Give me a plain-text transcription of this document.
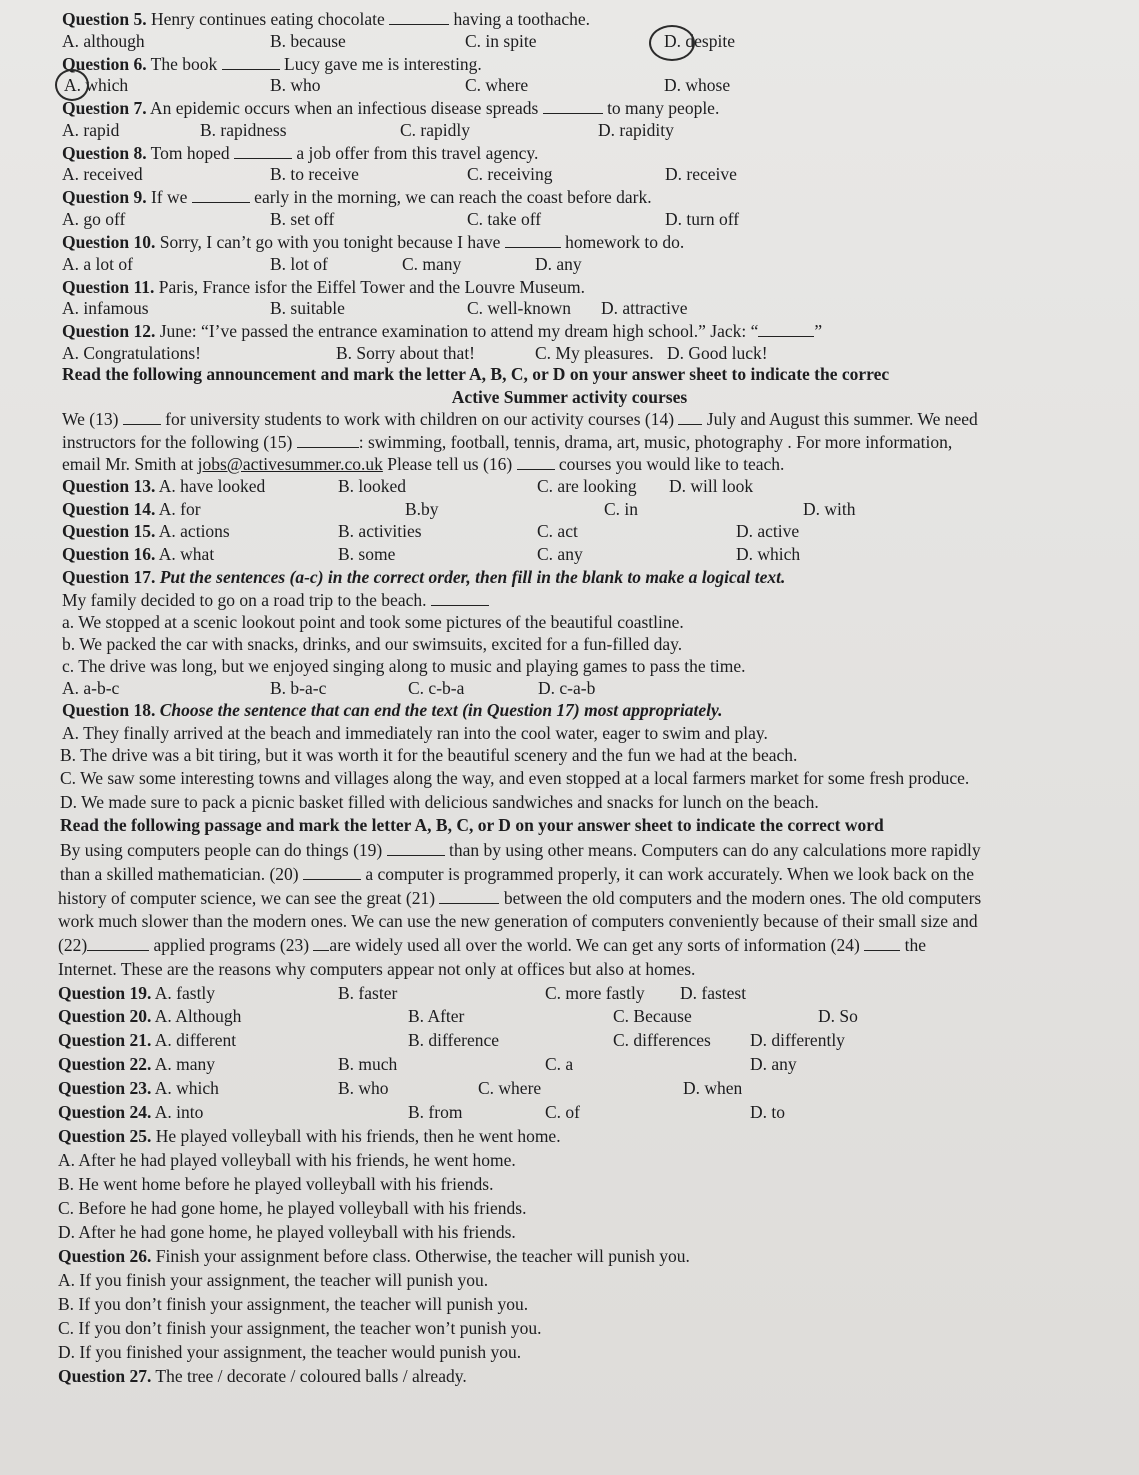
Question 5. Henry continues eating chocolate	having a toothache.
A. although	B. because	C. in spite	D. despite
Question 6. The book	Lucy gave me is interesting.
A. which	B. who	C. where	D. whose
Question 7. An epidemic occurs when an infectious disease spreads	to many people.
A. rapid	B. rapidness	C. rapidly	D. rapidity
Question 8. Tom hoped	a job offer from this travel agency.
A. received	B. to receive	C. receiving	D. receive
Question 9. If we	early in the morning, we can reach the coast before dark.
A. go off	B. set off	C. take off	D. turn off
Question 10. Sorry, I can’t go with you tonight because I have	homework to do.
A. a lot of	B. lot of	C. many	D. any
Question 11. Paris, France isfor the Eiffel Tower and the Louvre Museum.
A. infamous	B. suitable	C. well-known D. attractive
Question 12. June: “I’ve passed the entrance examination to attend my dream high school.” Jack: “	”
A. Congratulations!	B. Sorry about that!	C. My pleasures. D. Good luck!
Read the following announcement and mark the letter A, B, C, or D on your answer sheet to indicate the correc
Active Summer activity courses
We (13)	for university students to work with children on our activity courses (14) July and August this summer. We need
instructors for the following (15)	: swimming, football, tennis, drama, art, music, photography . For more information,
email Mr. Smith at jobs@activesummer.co.uk Please tell us (16)	courses you would like to teach.
Question 13. A. have looked	B. looked	C. are looking D. will look
Question 14. A. for	B.by	C. in	D. with
Question 15. A. actions	B. activities	C. act	D. active
Question 16. A. what	B. some	C. any	D. which
Question 17. Put the sentences (a-c) in the correct order, then fill in the blank to make a logical text.
My family decided to go on a road trip to the beach.
a. We stopped at a scenic lookout point and took some pictures of the beautiful coastline.
b. We packed the car with snacks, drinks, and our swimsuits, excited for a fun-filled day.
c. The drive was long, but we enjoyed singing along to music and playing games to pass the time.
A. a-b-c	B. b-a-c	C. c-b-a	D. c-a-b
Question 18. Choose the sentence that can end the text (in Question 17) most appropriately.
A. They finally arrived at the beach and immediately ran into the cool water, eager to swim and play.
B. The drive was a bit tiring, but it was worth it for the beautiful scenery and the fun we had at the beach.
C. We saw some interesting towns and villages along the way, and even stopped at a local farmers market for some fresh produce.
D. We made sure to pack a picnic basket filled with delicious sandwiches and snacks for lunch on the beach.
Read the following passage and mark the letter A, B, C, or D on your answer sheet to indicate the correct word
By using computers people can do things (19)	than by using other means. Computers can do any calculations more rapidly
than a skilled mathematician. (20)	a computer is programmed properly, it can work accurately. When we look back on the
history of computer science, we can see the great (21)	between the old computers and the modern ones. The old computers
work much slower than the modern ones. We can use the new generation of computers conveniently because of their small size and
(22)	applied programs (23) are widely used all over the world. We can get any sorts of information (24)	the
Internet. These are the reasons why computers appear not only at offices but also at homes.
Question 19. A. fastly	B. faster	C. more fastly D. fastest
Question 20. A. Although	B. After	C. Because	D. So
Question 21. A. different	B. difference	C. differences D. differently
Question 22. A. many	B. much	C. a	D. any
Question 23. A. which	B. who	C. where	D. when
Question 24. A. into	B. from	C. of	D. to
Question 25. He played volleyball with his friends, then he went home.
A. After he had played volleyball with his friends, he went home.
B. He went home before he played volleyball with his friends.
C. Before he had gone home, he played volleyball with his friends.
D. After he had gone home, he played volleyball with his friends.
Question 26. Finish your assignment before class. Otherwise, the teacher will punish you.
A. If you finish your assignment, the teacher will punish you.
B. If you don’t finish your assignment, the teacher will punish you.
C. If you don’t finish your assignment, the teacher won’t punish you.
D. If you finished your assignment, the teacher would punish you.
Question 27. The tree / decorate / coloured balls / already.
